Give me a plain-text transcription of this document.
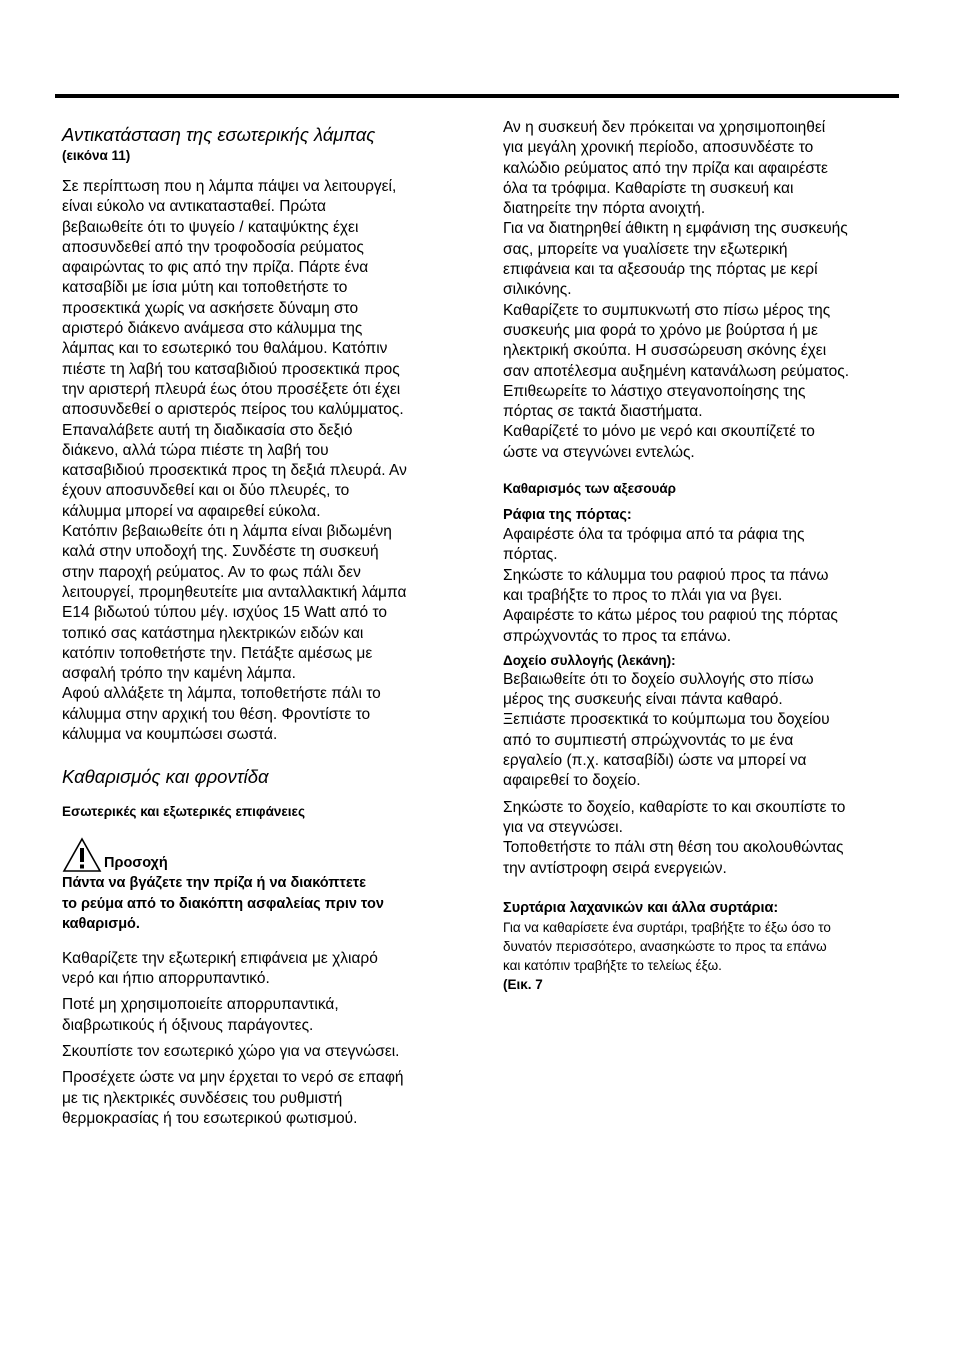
Αντικατάσταση της εσωτερικής λάμπας

(εικόνα 11)

Σε περίπτωση που η λάμπα πάψει να λειτουργεί,
είναι εύκολο να αντικατασταθεί. Πρώτα
βεβαιωθείτε ότι το ψυγείο / καταψύκτης έχει
αποσυνδεθεί από την τροφοδοσία ρεύματος
αφαιρώντας το φις από την πρίζα. Πάρτε ένα
κατσαβίδι με ίσια μύτη και τοποθετήστε το
προσεκτικά χωρίς να ασκήσετε δύναμη στο
αριστερό διάκενο ανάμεσα στο κάλυμμα της
λάμπας και το εσωτερικό του θαλάμου. Κατόπιν
πιέστε τη λαβή του κατσαβιδιού προσεκτικά προς
την αριστερή πλευρά έως ότου προσέξετε ότι έχει
αποσυνδεθεί ο αριστερός πείρος του καλύμματος.
Επαναλάβετε αυτή τη διαδικασία στο δεξιό
διάκενο, αλλά τώρα πιέστε τη λαβή του
κατσαβιδιού προσεκτικά προς τη δεξιά πλευρά. Αν
έχουν αποσυνδεθεί και οι δύο πλευρές, το
κάλυμμα μπορεί να αφαιρεθεί εύκολα.
Κατόπιν βεβαιωθείτε ότι η λάμπα είναι βιδωμένη
καλά στην υποδοχή της. Συνδέστε τη συσκευή
στην παροχή ρεύματος. Αν το φως πάλι δεν
λειτουργεί, προμηθευτείτε μια ανταλλακτική λάμπα
Ε14 βιδωτού τύπου μέγ. ισχύος 15 Watt από το
τοπικό σας κατάστημα ηλεκτρικών ειδών και
κατόπιν τοποθετήστε την. Πετάξτε αμέσως με
ασφαλή τρόπο την καμένη λάμπα.
Αφού αλλάξετε τη λάμπα, τοποθετήστε πάλι το
κάλυμμα στην αρχική του θέση. Φροντίστε το
κάλυμμα να κουμπώσει σωστά.

Καθαρισμός και φροντίδα

Εσωτερικές και εξωτερικές επιφάνειες

Προσοχή

Πάντα να βγάζετε την πρίζα ή να διακόπτετε
το ρεύμα από το διακόπτη ασφαλείας πριν τον
καθαρισμό.

Καθαρίζετε την εξωτερική επιφάνεια με χλιαρό
νερό και ήπιο απορρυπαντικό.

Ποτέ μη χρησιμοποιείτε απορρυπαντικά,
διαβρωτικούς ή όξινους παράγοντες.

Σκουπίστε τον εσωτερικό χώρο για να στεγνώσει.

Προσέχετε ώστε να μην έρχεται το νερό σε επαφή
με τις ηλεκτρικές συνδέσεις του ρυθμιστή
θερμοκρασίας ή του εσωτερικού φωτισμού.

Αν η συσκευή δεν πρόκειται να χρησιμοποιηθεί
για μεγάλη χρονική περίοδο, αποσυνδέστε το
καλώδιο ρεύματος από την πρίζα και αφαιρέστε
όλα τα τρόφιμα. Καθαρίστε τη συσκευή και
διατηρείτε την πόρτα ανοιχτή.
Για να διατηρηθεί άθικτη η εμφάνιση της συσκευής
σας, μπορείτε να γυαλίσετε την εξωτερική
επιφάνεια και τα αξεσουάρ της πόρτας με κερί
σιλικόνης.
Καθαρίζετε το συμπυκνωτή στο πίσω μέρος της
συσκευής μια φορά το χρόνο με βούρτσα ή με
ηλεκτρική σκούπα. Η συσσώρευση σκόνης έχει
σαν αποτέλεσμα αυξημένη κατανάλωση ρεύματος.
Επιθεωρείτε το λάστιχο στεγανοποίησης της
πόρτας σε τακτά διαστήματα.
Καθαρίζετέ το μόνο με νερό και σκουπίζετέ το
ώστε να στεγνώνει εντελώς.

Καθαρισμός των αξεσουάρ

Ράφια της πόρτας:

Αφαιρέστε όλα τα τρόφιμα από τα ράφια της
πόρτας.
Σηκώστε το κάλυμμα του ραφιού προς τα πάνω
και τραβήξτε το προς το πλάι για να βγει.
Αφαιρέστε το κάτω μέρος του ραφιού της πόρτας
σπρώχνοντάς το προς τα επάνω.

Δοχείο συλλογής (λεκάνη):

Βεβαιωθείτε ότι το δοχείο συλλογής στο πίσω
μέρος της συσκευής είναι πάντα καθαρό.
Ξεπιάστε προσεκτικά το κούμπωμα του δοχείου
από το συμπιεστή σπρώχνοντάς το με ένα
εργαλείο (π.χ. κατσαβίδι) ώστε να μπορεί να
αφαιρεθεί το δοχείο.

Σηκώστε το δοχείο, καθαρίστε το και σκουπίστε το
για να στεγνώσει.
Τοποθετήστε το πάλι στη θέση του ακολουθώντας
την αντίστροφη σειρά ενεργειών.

Συρτάρια λαχανικών και άλλα συρτάρια:

Για να καθαρίσετε ένα συρτάρι, τραβήξτε το έξω όσο το
δυνατόν περισσότερο, ανασηκώστε το προς τα επάνω
και κατόπιν τραβήξτε το τελείως έξω.

(Εικ. 7
